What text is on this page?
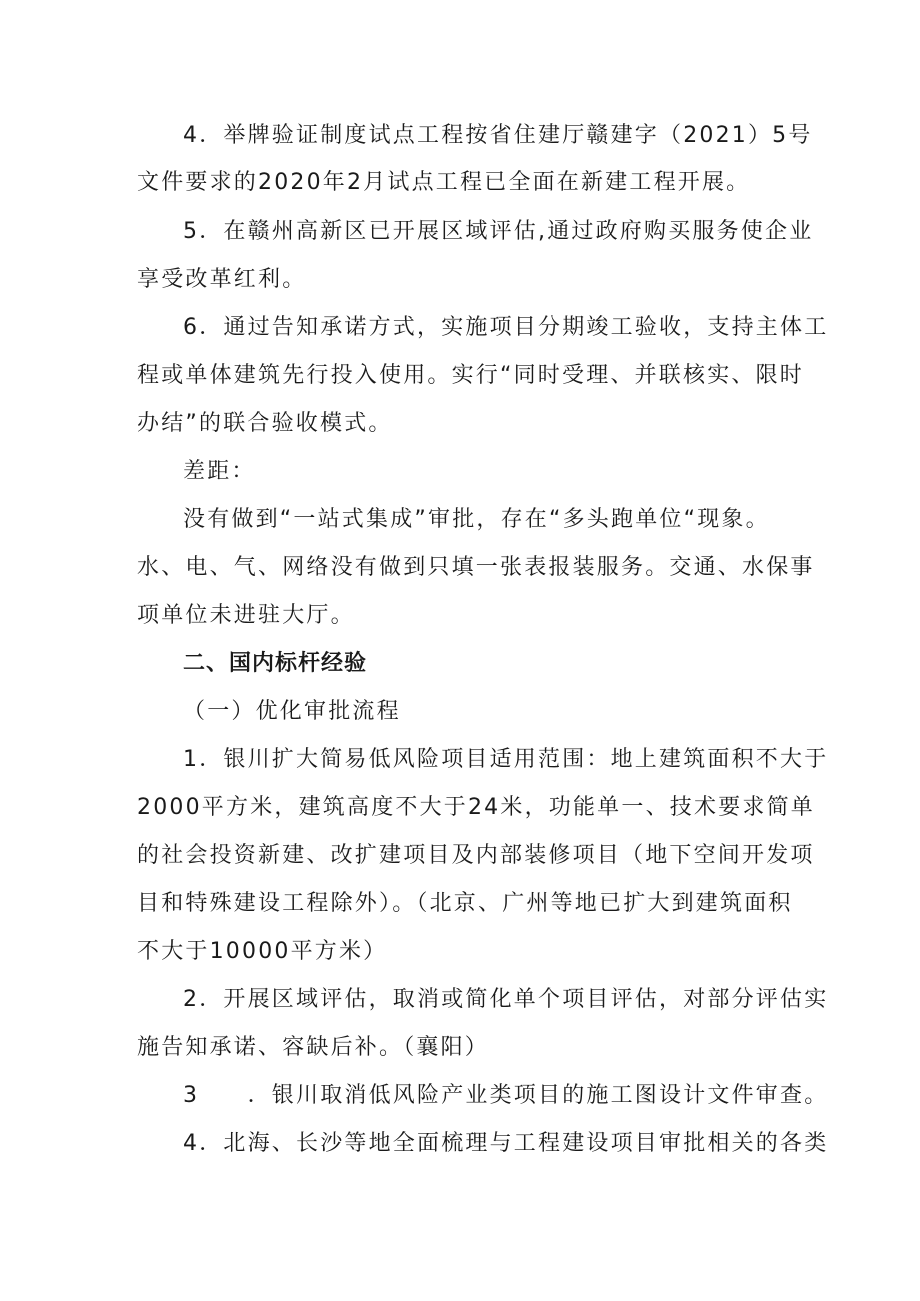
4．举牌验证制度试点工程按省住建厅赣建字（2021）5号
文件要求的2020年2月试点工程已全面在新建工程开展。
5．在赣州高新区已开展区域评估,通过政府购买服务使企业
享受改革红利。
6．通过告知承诺方式，实施项目分期竣工验收，支持主体工
程或单体建筑先行投入使用。实行“同时受理、并联核实、限时
办结”的联合验收模式。
差距：
没有做到“一站式集成”审批，存在“多头跑单位“现象。
水、电、气、网络没有做到只填一张表报装服务。交通、水保事
项单位未进驻大厅。
二、国内标杆经验
（一）优化审批流程
1．银川扩大简易低风险项目适用范围：地上建筑面积不大于
2000平方米，建筑高度不大于24米，功能单一、技术要求简单
的社会投资新建、改扩建项目及内部装修项目（地下空间开发项
目和特殊建设工程除外）。（北京、广州等地已扩大到建筑面积
不大于10000平方米）
2．开展区域评估，取消或简化单个项目评估，对部分评估实
施告知承诺、容缺后补。（襄阳）
3　　．银川取消低风险产业类项目的施工图设计文件审查。
4．北海、长沙等地全面梳理与工程建设项目审批相关的各类
